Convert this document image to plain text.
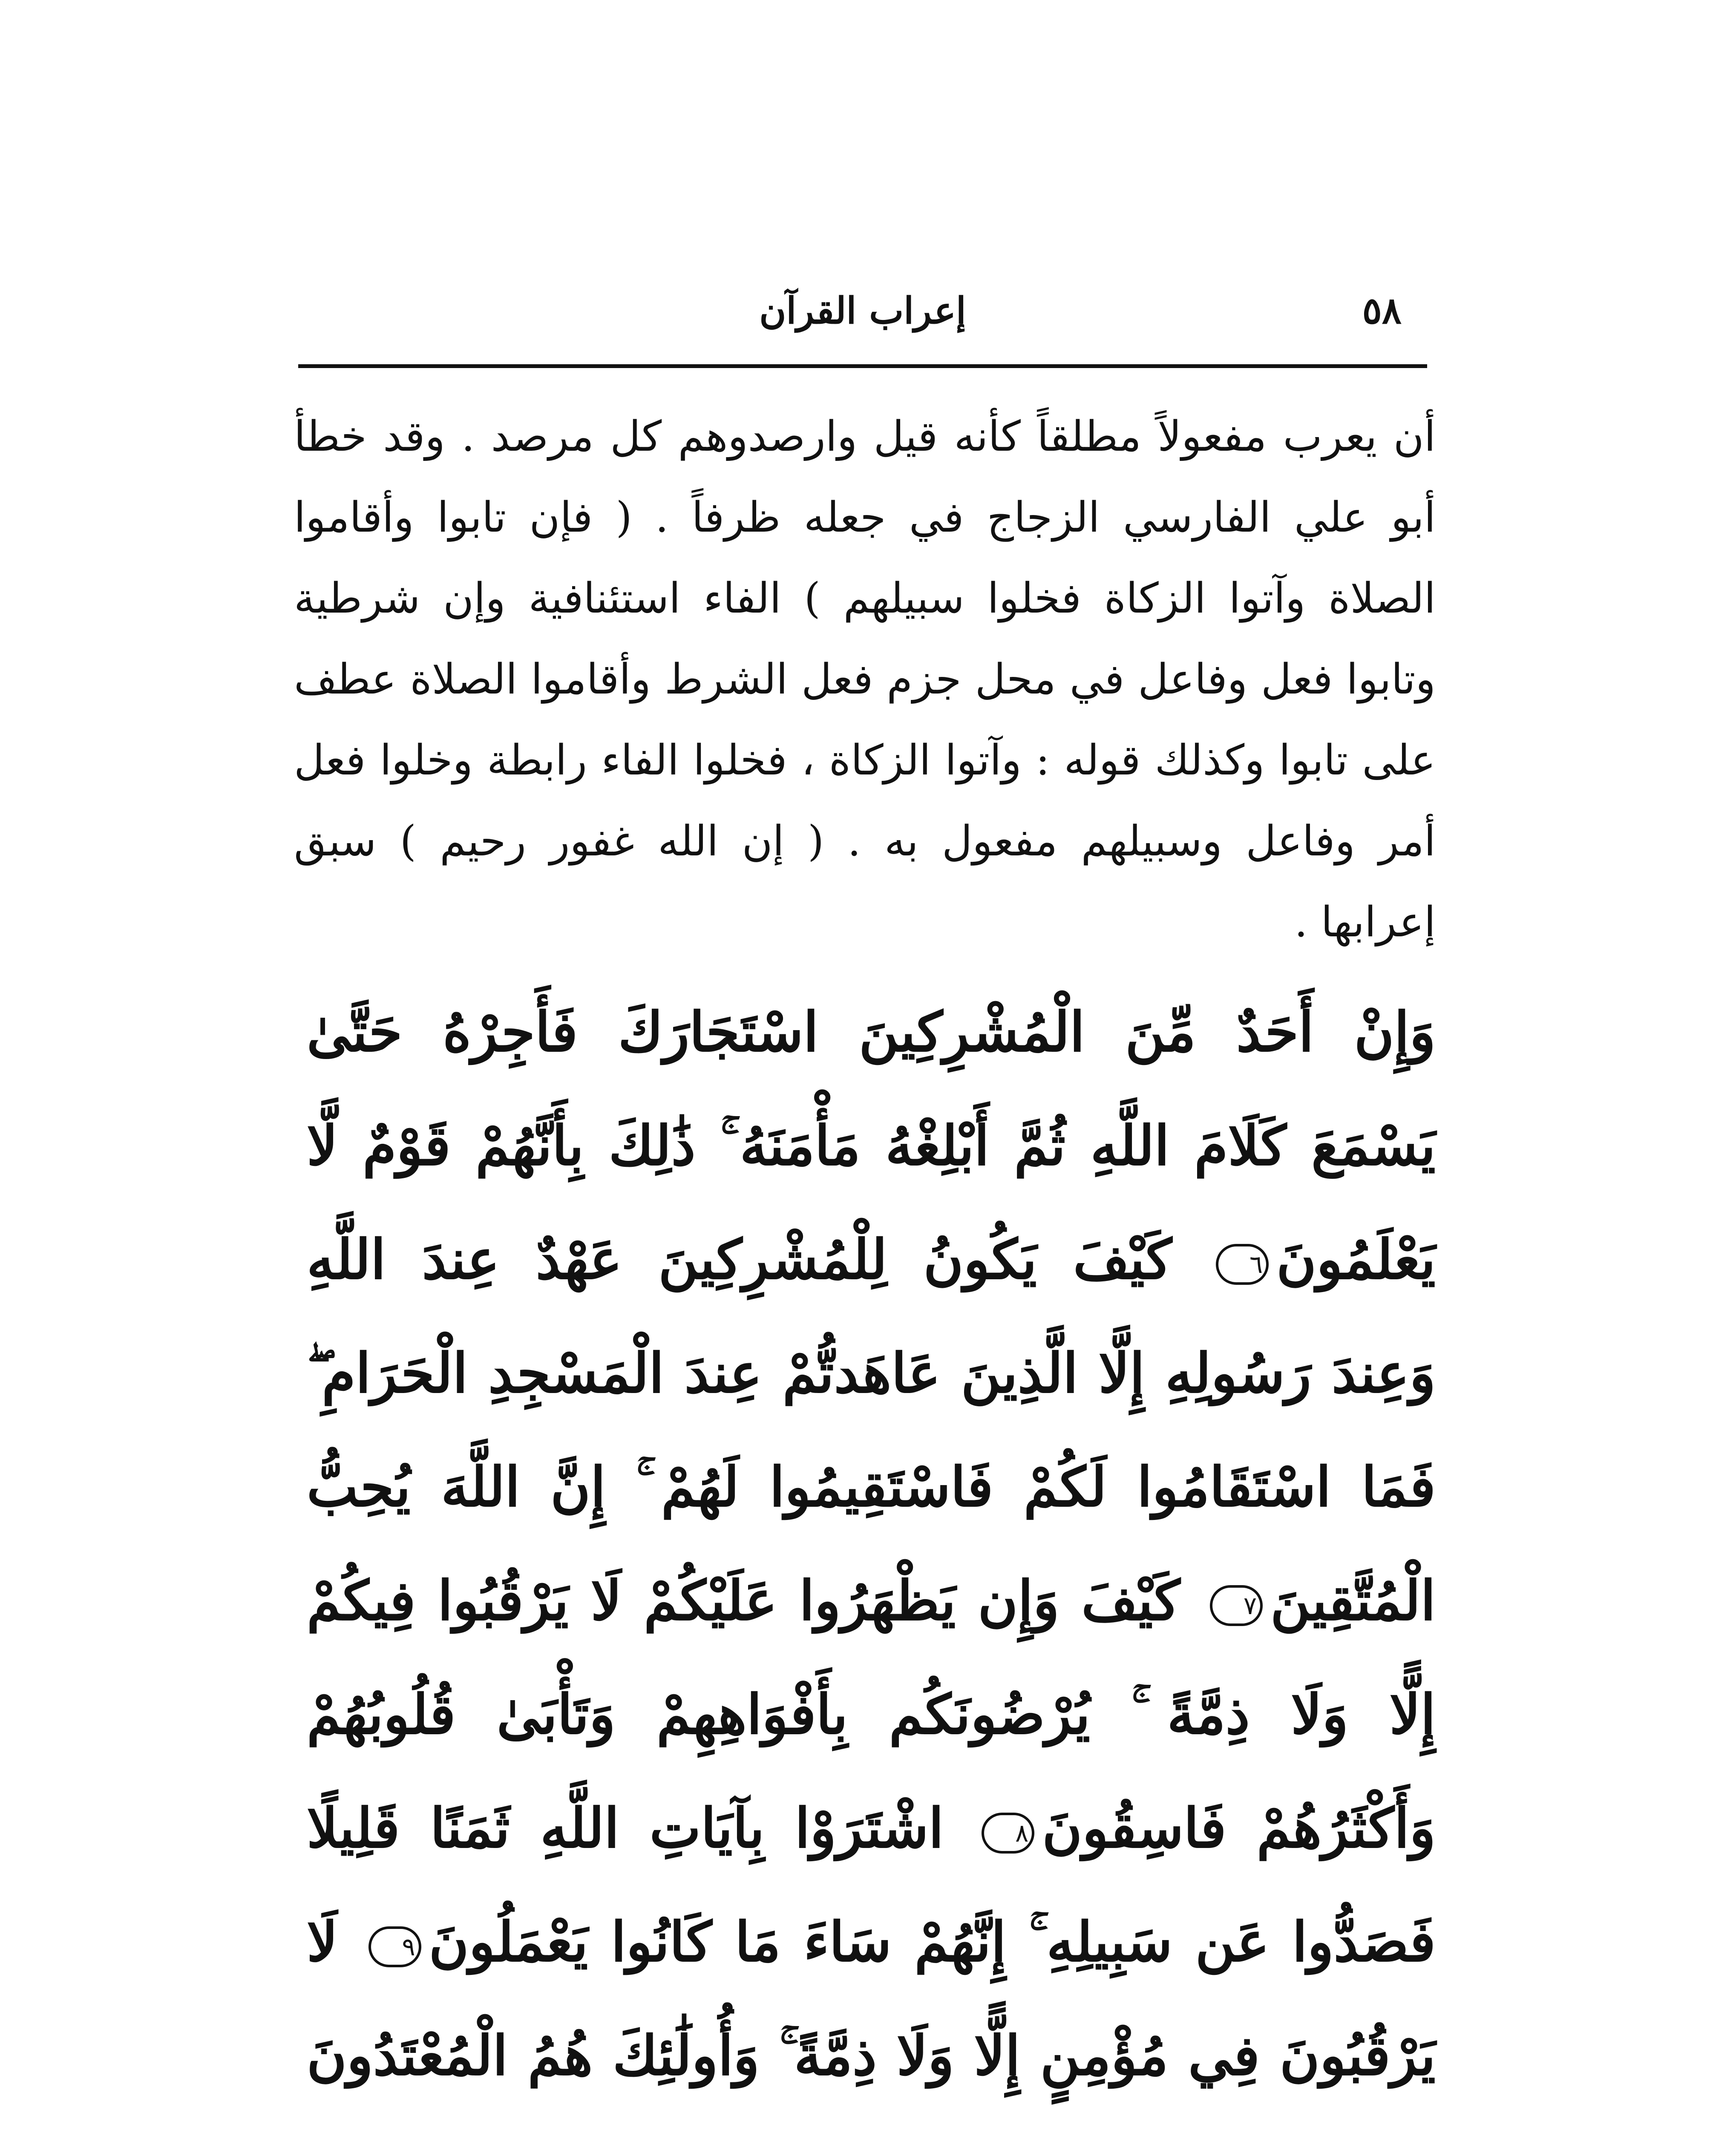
٥٨
إعراب القرآن

أن يعرب مفعولاً مطلقاً كأنه قيل وارصدوهم كل مرصد . وقد خطأ أبو علي الفارسي الزجاج في جعله ظرفاً . ( فإن تابوا وأقاموا الصلاة وآتوا الزكاة فخلوا سبيلهم ) الفاء استئنافية وإن شرطية وتابوا فعل وفاعل في محل جزم فعل الشرط وأقاموا الصلاة عطف على تابوا وكذلك قوله : وآتوا الزكاة ، فخلوا الفاء رابطة وخلوا فعل أمر وفاعل وسبيلهم مفعول به . ( إن الله غفور رحيم ) سبق إعرابها .

وَإِنْ أَحَدٌ مِّنَ الْمُشْرِكِينَ اسْتَجَارَكَ فَأَجِرْهُ حَتَّىٰ يَسْمَعَ كَلَامَ اللَّهِ ثُمَّ أَبْلِغْهُ مَأْمَنَهُ ۚ ذَٰلِكَ بِأَنَّهُمْ قَوْمٌ لَّا يَعْلَمُونَ٦ كَيْفَ يَكُونُ لِلْمُشْرِكِينَ عَهْدٌ عِندَ اللَّهِ وَعِندَ رَسُولِهِ إِلَّا الَّذِينَ عَاهَدتُّمْ عِندَ الْمَسْجِدِ الْحَرَامِ ۖ فَمَا اسْتَقَامُوا لَكُمْ فَاسْتَقِيمُوا لَهُمْ ۚ إِنَّ اللَّهَ يُحِبُّ الْمُتَّقِينَ٧ كَيْفَ وَإِن يَظْهَرُوا عَلَيْكُمْ لَا يَرْقُبُوا فِيكُمْ إِلًّا وَلَا ذِمَّةً ۚ يُرْضُونَكُم بِأَفْوَاهِهِمْ وَتَأْبَىٰ قُلُوبُهُمْ وَأَكْثَرُهُمْ فَاسِقُونَ٨ اشْتَرَوْا بِآيَاتِ اللَّهِ ثَمَنًا قَلِيلًا فَصَدُّوا عَن سَبِيلِهِ ۚ إِنَّهُمْ سَاءَ مَا كَانُوا يَعْمَلُونَ٩ لَا يَرْقُبُونَ فِي مُؤْمِنٍ إِلًّا وَلَا ذِمَّةً ۚ وَأُولَٰئِكَ هُمُ الْمُعْتَدُونَ
